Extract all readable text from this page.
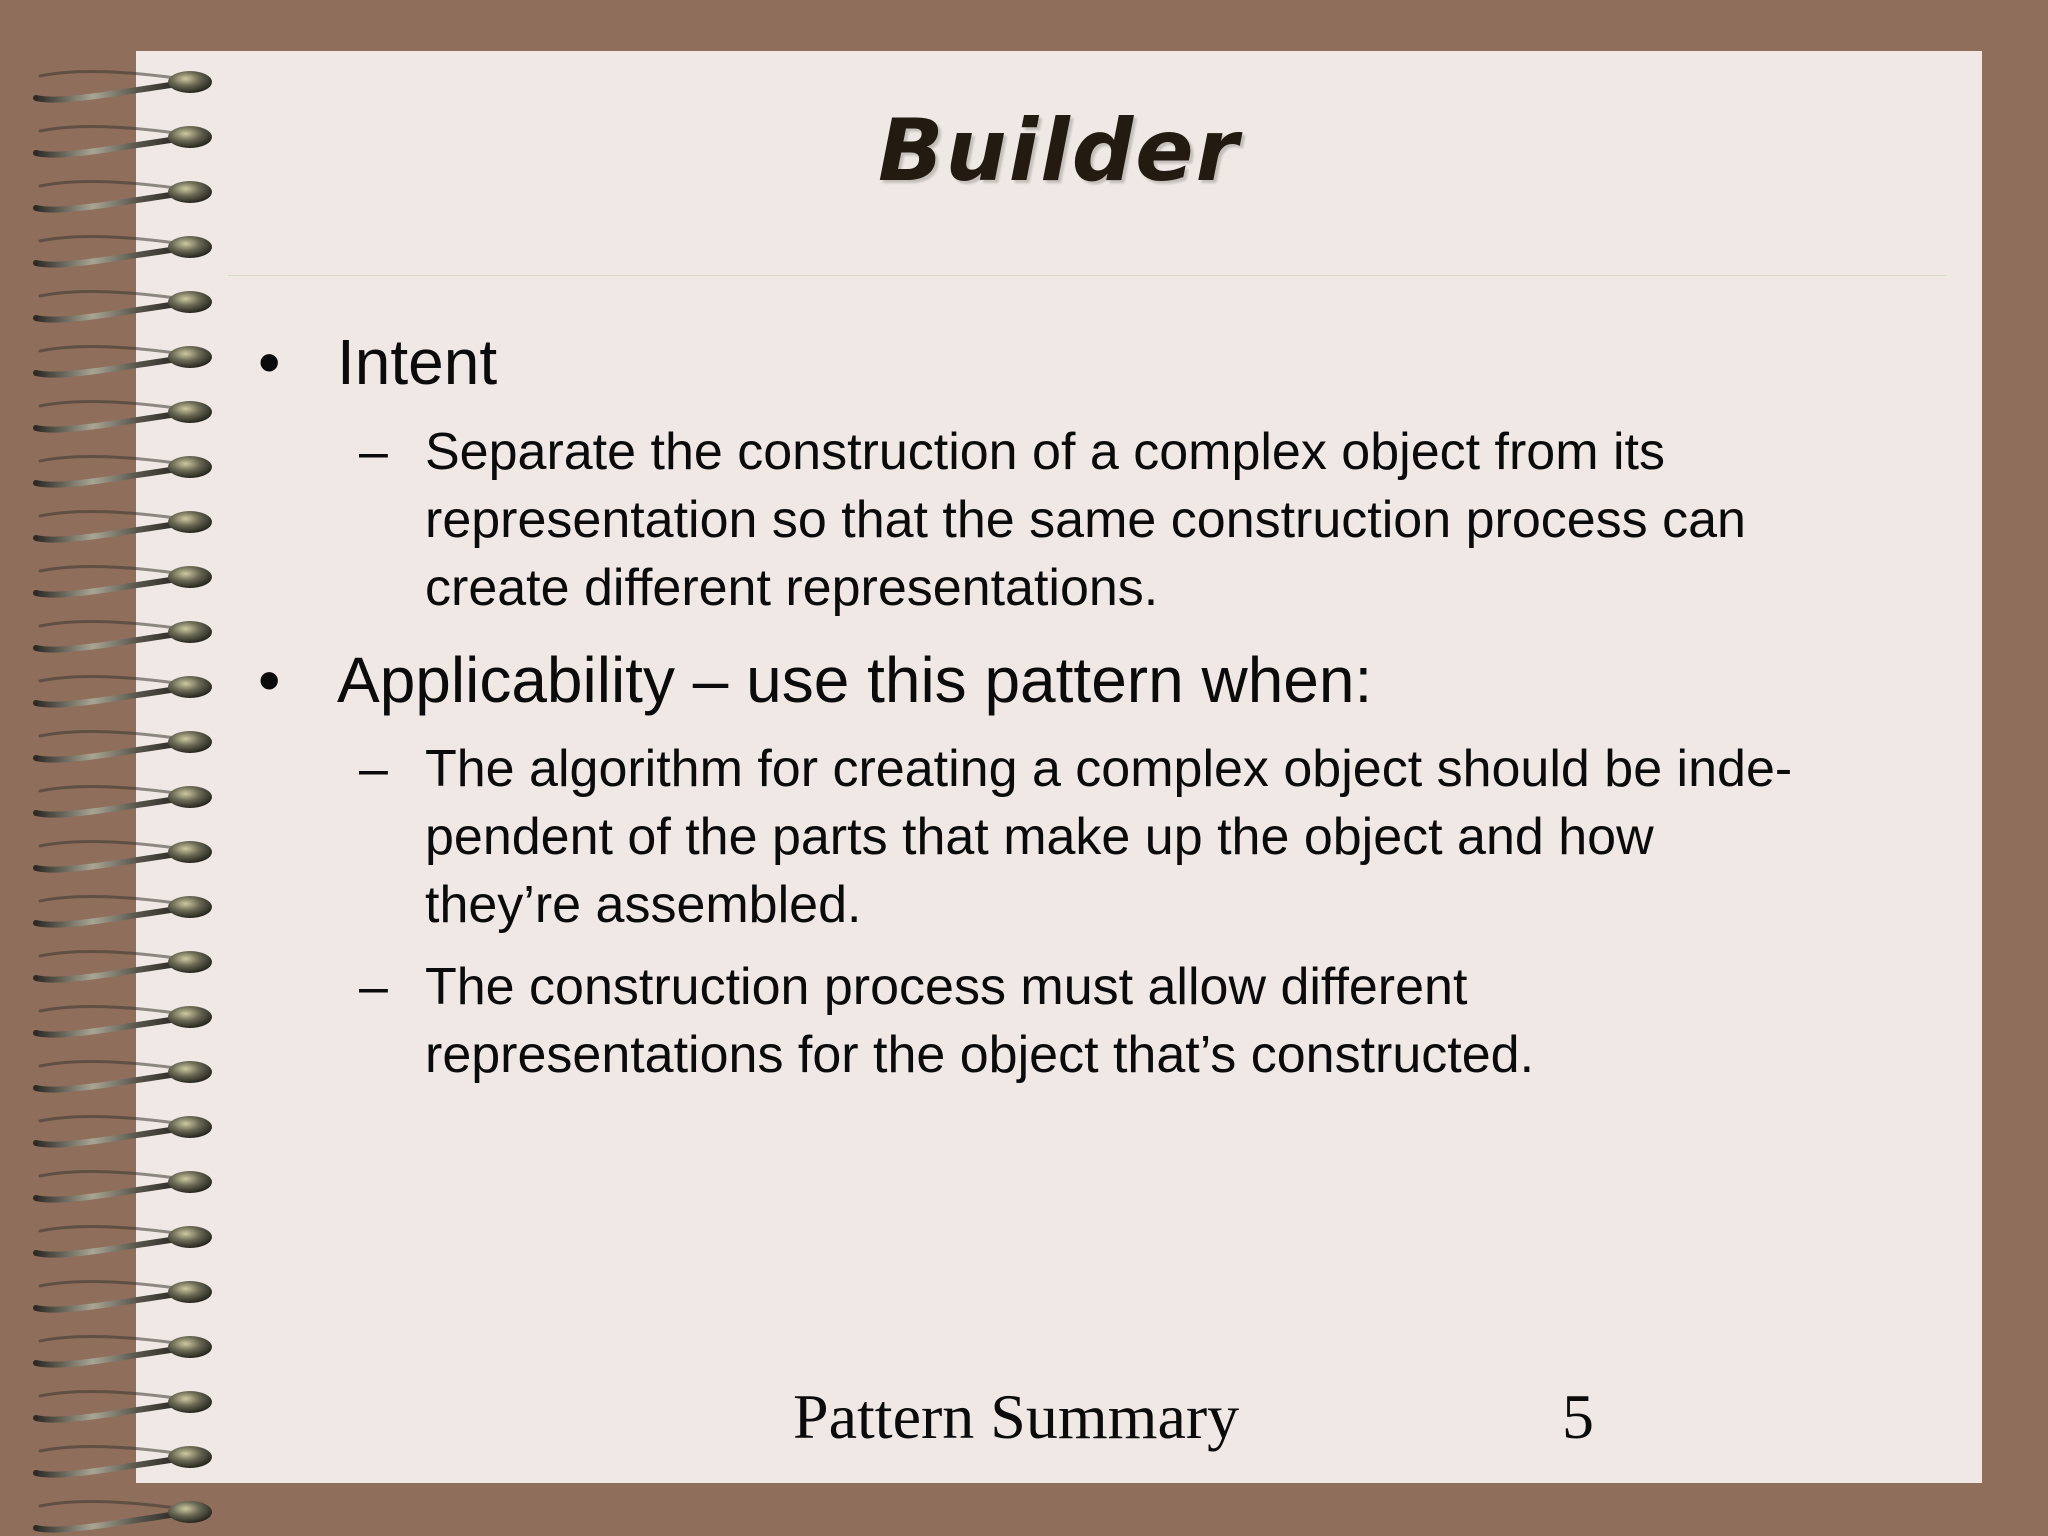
Builder
• Intent
– Separate the construction of a complex object from its
representation so that the same construction process can
create different representations.
• Applicability – use this pattern when:
– The algorithm for creating a complex object should be inde-
pendent of the parts that make up the object and how
they’re assembled.
– The construction process must allow different
representations for the object that’s constructed.
Pattern Summary	5
